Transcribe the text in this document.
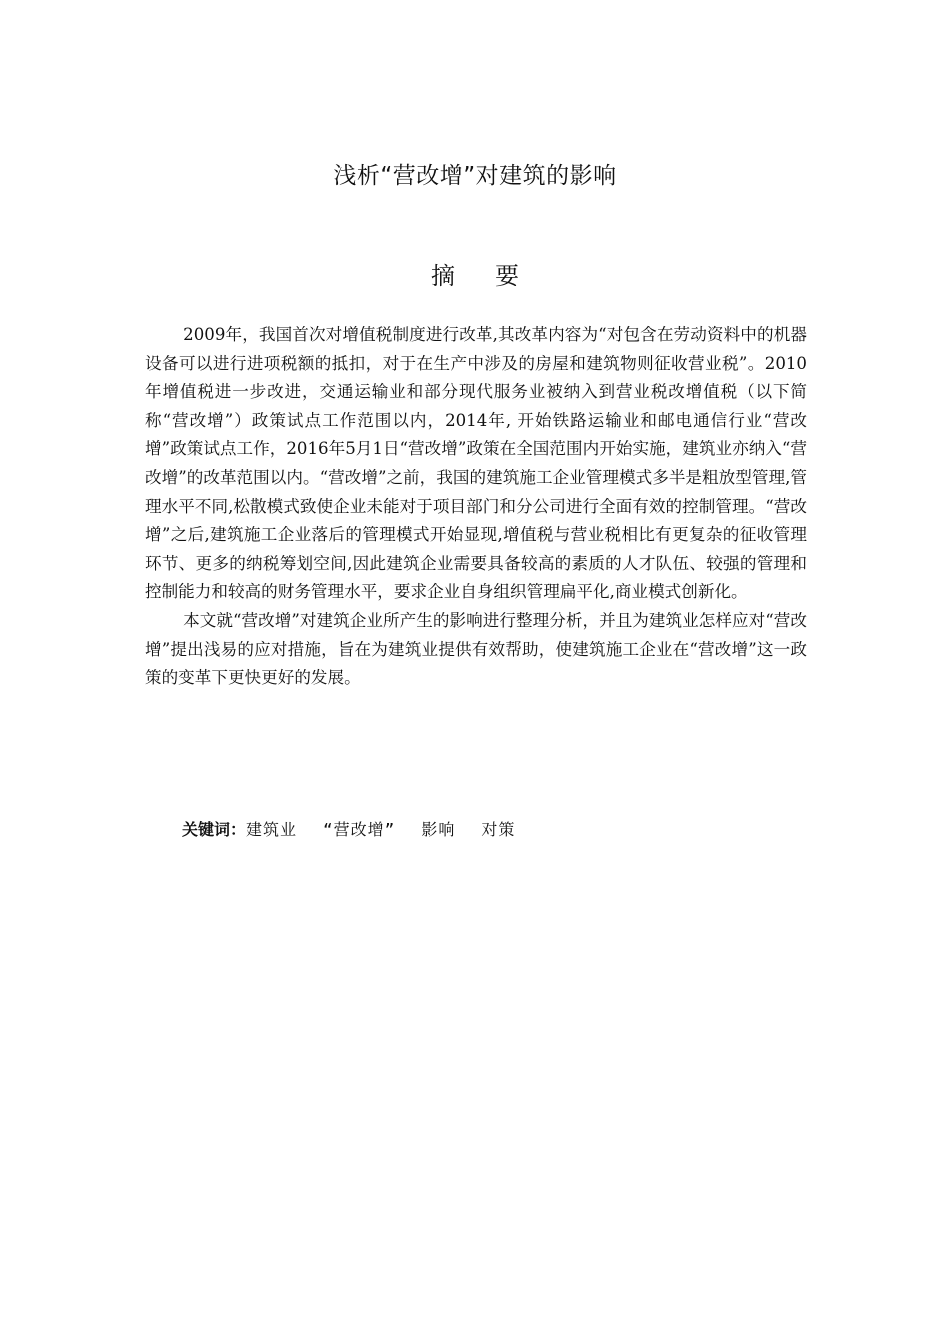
浅析“营改增”对建筑的影响
摘要

2009年，我国首次对增值税制度进行改革,其改革内容为“对包含在劳动资料中的机器设备可以进行进项税额的抵扣，对于在生产中涉及的房屋和建筑物则征收营业税”。2010年增值税进一步改进，交通运输业和部分现代服务业被纳入到营业税改增值税（以下简称“营改增”）政策试点工作范围以内，2014年, 开始铁路运输业和邮电通信行业“营改增”政策试点工作，2016年5月1日“营改增”政策在全国范围内开始实施，建筑业亦纳入“营改增”的改革范围以内。“营改增”之前，我国的建筑施工企业管理模式多半是粗放型管理,管理水平不同,松散模式致使企业未能对于项目部门和分公司进行全面有效的控制管理。“营改增”之后,建筑施工企业落后的管理模式开始显现,增值税与营业税相比有更复杂的征收管理环节、更多的纳税筹划空间,因此建筑企业需要具备较高的素质的人才队伍、较强的管理和控制能力和较高的财务管理水平，要求企业自身组织管理扁平化,商业模式创新化。

本文就“营改增”对建筑企业所产生的影响进行整理分析，并且为建筑业怎样应对“营改增”提出浅易的应对措施，旨在为建筑业提供有效帮助，使建筑施工企业在“营改增”这一政策的变革下更快更好的发展。

关键词：建筑业 “营改增” 影响 对策
